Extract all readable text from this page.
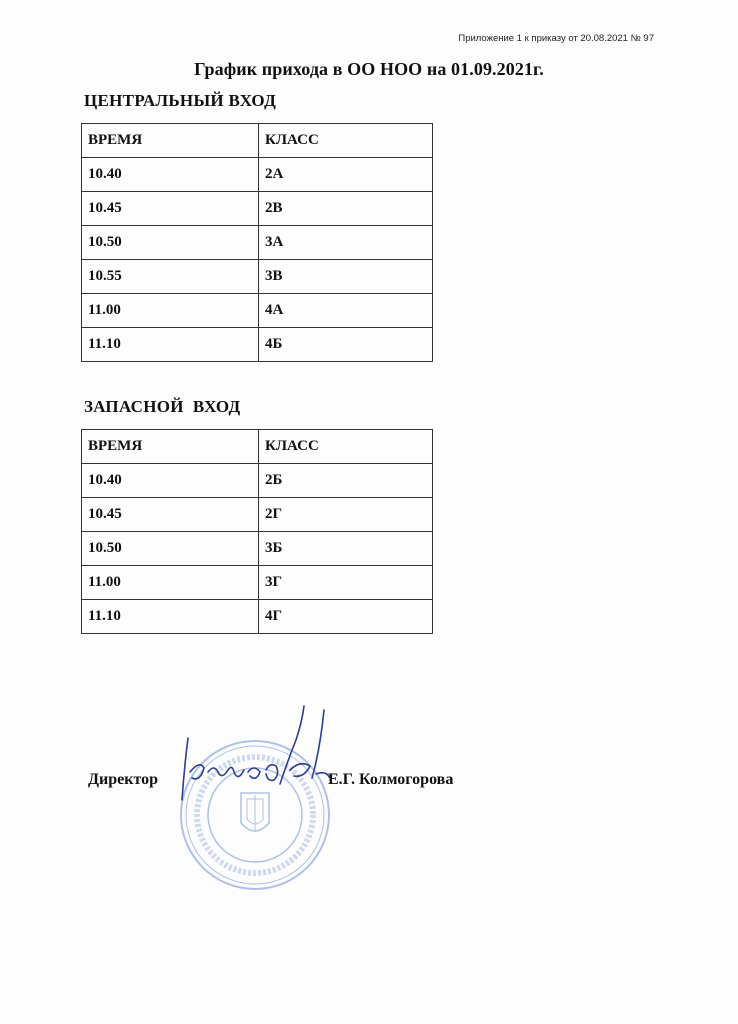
Приложение 1 к приказу от 20.08.2021 № 97
График прихода в ОО НОО на 01.09.2021г.
ЦЕНТРАЛЬНЫЙ ВХОД
ВРЕМЯ	КЛАСС
10.40	2А
10.45	2В
10.50	3А
10.55	3В
11.00	4А
11.10	4Б
ЗАПАСНОЙ  ВХОД
ВРЕМЯ	КЛАСС
10.40	2Б
10.45	2Г
10.50	3Б
11.00	3Г
11.10	4Г
Директор	Е.Г. Колмогорова
